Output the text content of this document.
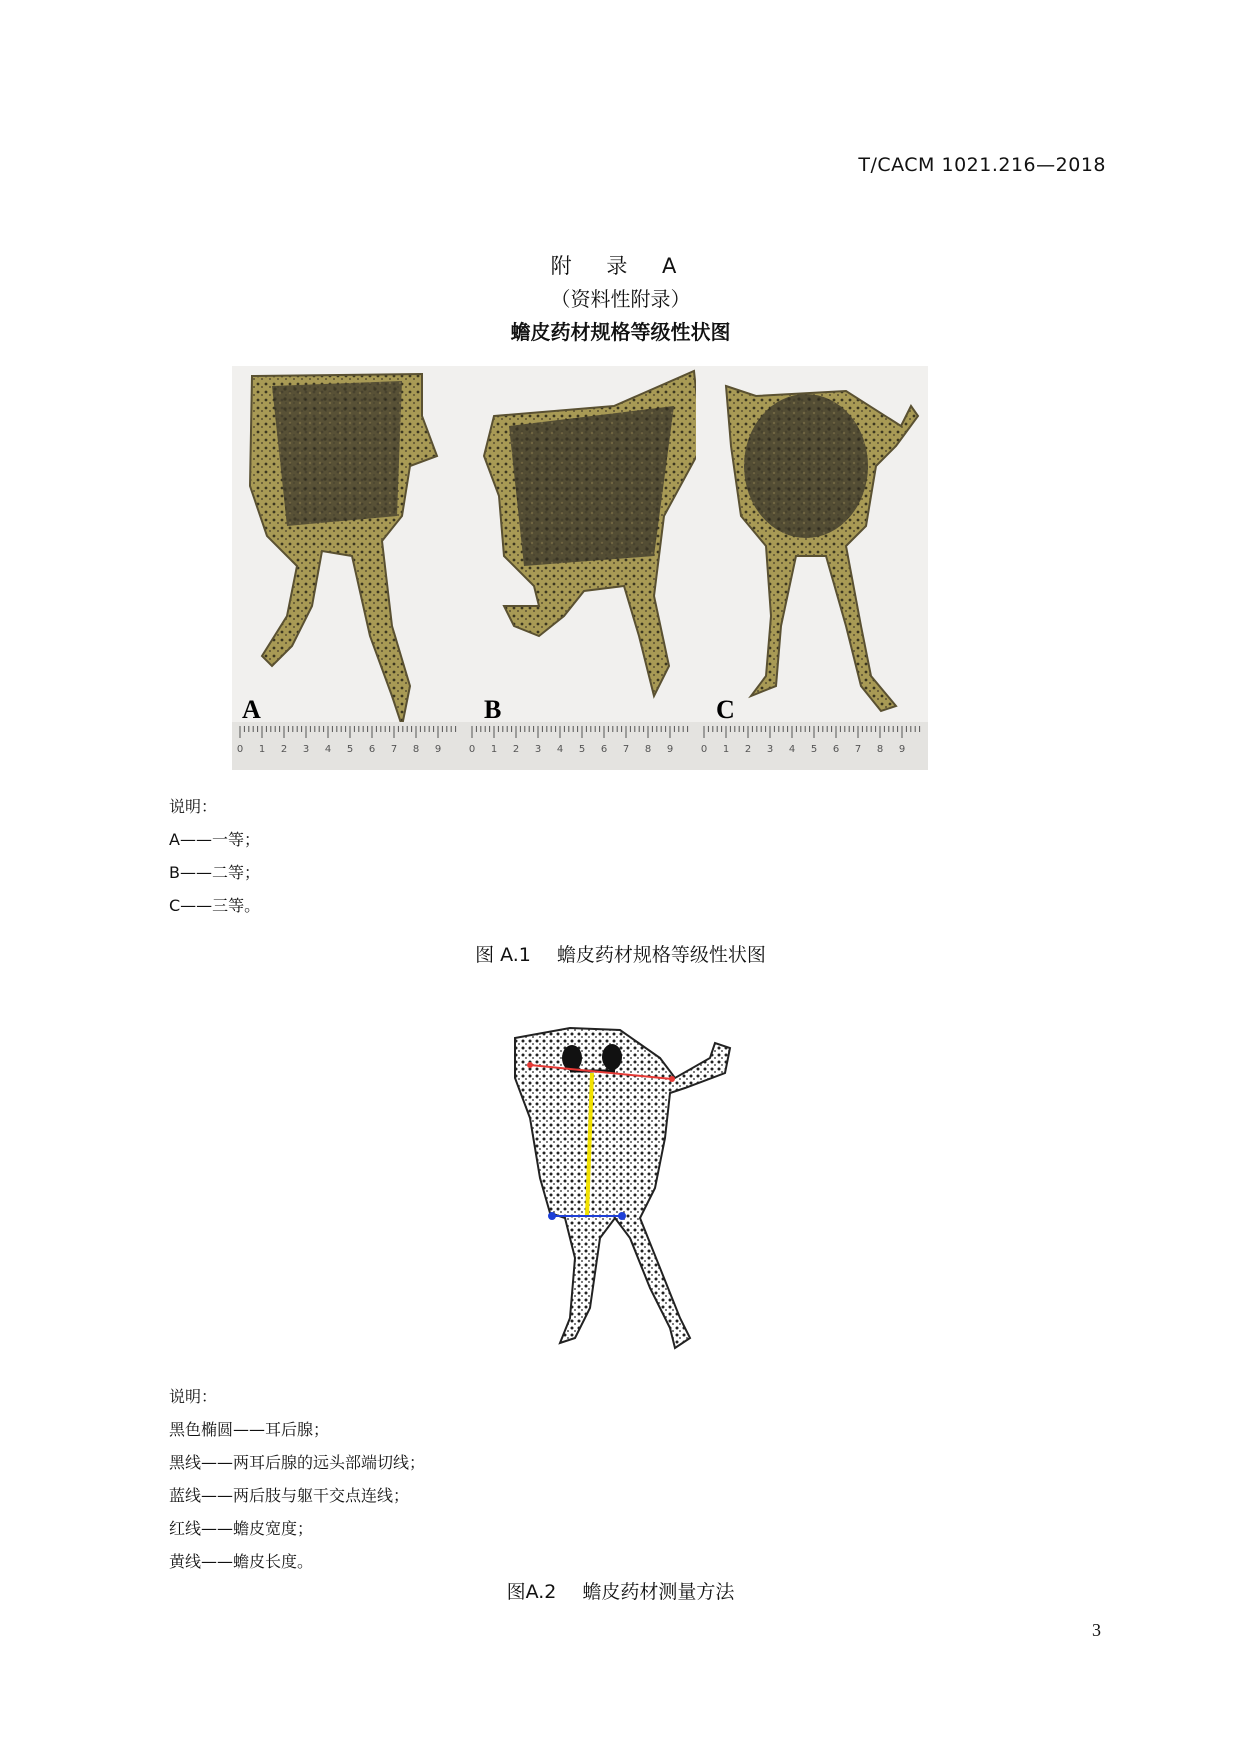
T/CACM 1021.216—2018
附 录 A
（资料性附录）
蟾皮药材规格等级性状图
0 1 2 3 4 5 6 7 8 9
A
0 1 2 3 4 5 6 7 8 9
B
0 1 2 3 4 5 6 7 8 9
C
说明：
A——一等；
B——二等；
C——三等。
图 A.1 蟾皮药材规格等级性状图
说明：
黑色椭圆——耳后腺；
黑线——两耳后腺的远头部端切线；
蓝线——两后肢与躯干交点连线；
红线——蟾皮宽度；
黄线——蟾皮长度。
图A.2 蟾皮药材测量方法
3
